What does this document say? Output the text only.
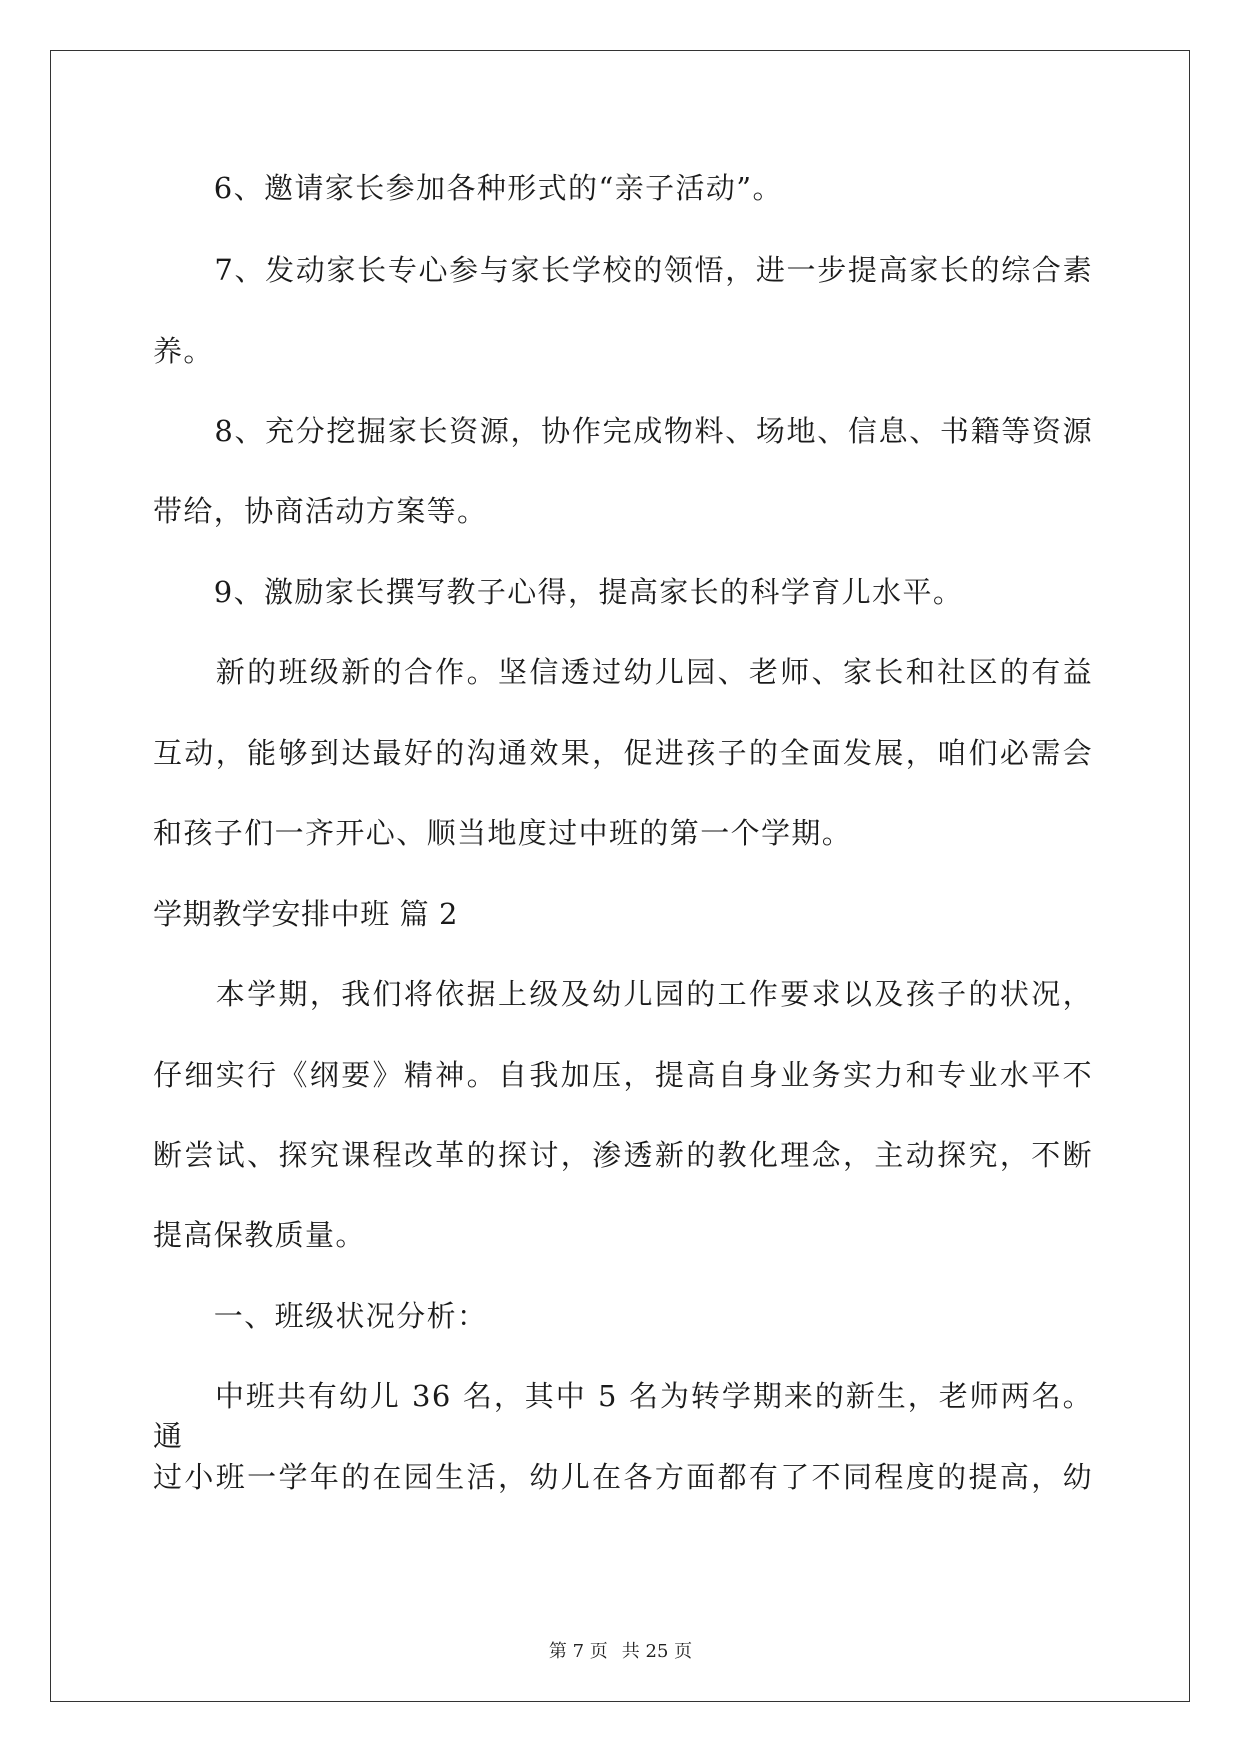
　　6、邀请家长参加各种形式的“亲子活动”。
　　7、发动家长专心参与家长学校的领悟，进一步提高家长的综合素
养。
　　8、充分挖掘家长资源，协作完成物料、场地、信息、书籍等资源
带给，协商活动方案等。
　　9、激励家长撰写教子心得，提高家长的科学育儿水平。
　　新的班级新的合作。坚信透过幼儿园、老师、家长和社区的有益
互动，能够到达最好的沟通效果，促进孩子的全面发展，咱们必需会
和孩子们一齐开心、顺当地度过中班的第一个学期。
学期教学安排中班 篇 2
　　本学期，我们将依据上级及幼儿园的工作要求以及孩子的状况，
仔细实行《纲要》精神。自我加压，提高自身业务实力和专业水平不
断尝试、探究课程改革的探讨，渗透新的教化理念，主动探究，不断
提高保教质量。
　　一、班级状况分析：
　　中班共有幼儿 36 名，其中 5 名为转学期来的新生，老师两名。通
过小班一学年的在园生活，幼儿在各方面都有了不同程度的提高，幼
第 7 页 共 25 页
